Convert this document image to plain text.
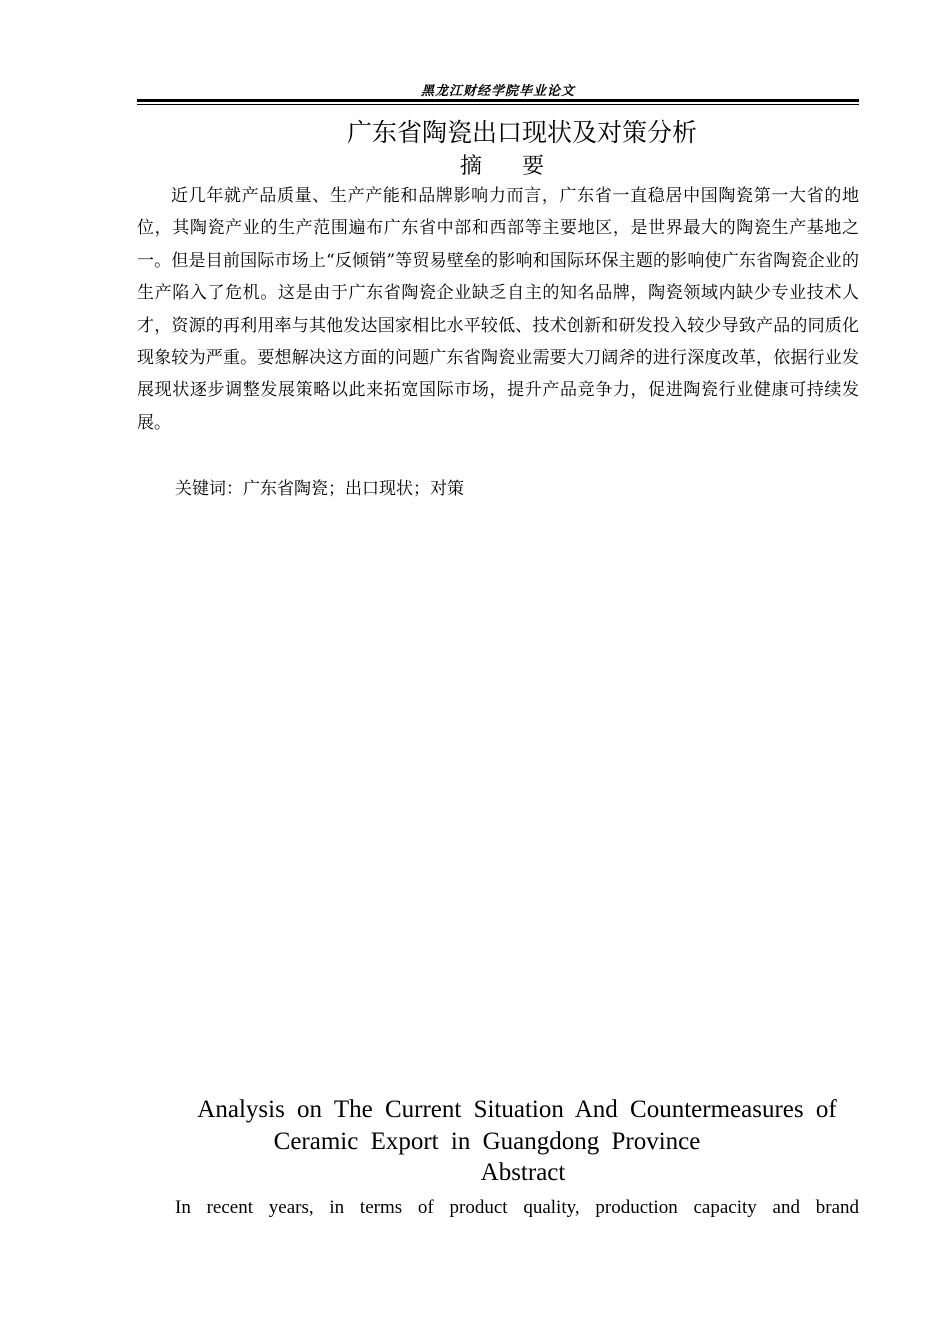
黑龙江财经学院毕业论文
广东省陶瓷出口现状及对策分析
摘要
近几年就产品质量、生产产能和品牌影响力而言，广东省一直稳居中国陶瓷第一大省的地位，其陶瓷产业的生产范围遍布广东省中部和西部等主要地区，是世界最大的陶瓷生产基地之一。但是目前国际市场上“反倾销”等贸易壁垒的影响和国际环保主题的影响使广东省陶瓷企业的生产陷入了危机。这是由于广东省陶瓷企业缺乏自主的知名品牌，陶瓷领域内缺少专业技术人才，资源的再利用率与其他发达国家相比水平较低、技术创新和研发投入较少导致产品的同质化现象较为严重。要想解决这方面的问题广东省陶瓷业需要大刀阔斧的进行深度改革，依据行业发展现状逐步调整发展策略以此来拓宽国际市场，提升产品竞争力，促进陶瓷行业健康可持续发展。
关键词：广东省陶瓷；出口现状；对策
Analysis on The Current Situation And Countermeasures of
Ceramic Export in Guangdong Province
Abstract
In recent years, in terms of product quality, production capacity and brand
